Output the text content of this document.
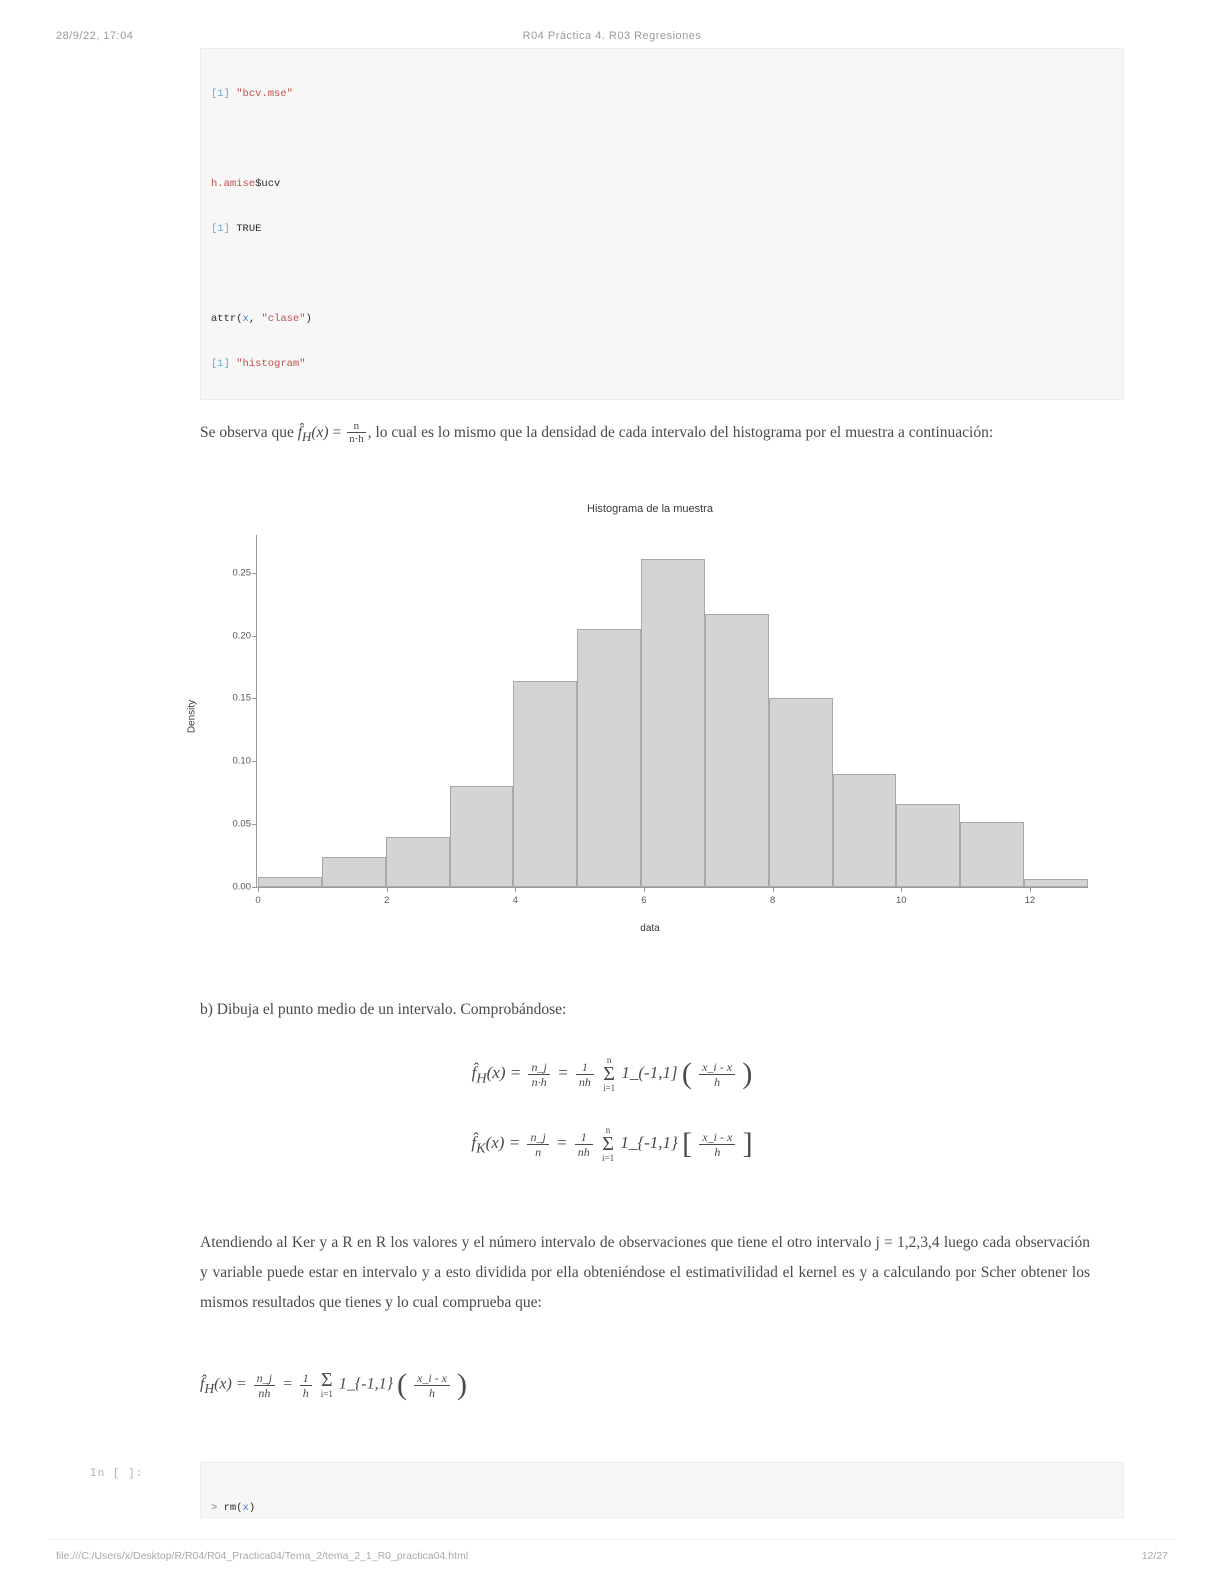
28/9/22, 17:04	R04 Práctica 4. R03 Regresiones

[1] "bcv.mse"

h.amise$ucv

[1] TRUE

attr(x, "clase")

[1] "histogram"

Se observa que $f̂_H(x) = \frac{n}{n\cdot h}$ , lo cual es lo mismo que la densidad de cada intervalo del histograma por el muestra a continuación:
Histograma de la muestra
0.00
0.05
0.10
0.15
0.20
0.25
0	2	4	6	8	10	12
data
Density
b) Dibuja el punto medio de un intervalo. Comprobándose:
$f̂_H(x) = \frac{n\_j}{n\cdot h} = \frac{1}{nh}$
	n
Σ
i=1
1_(-1,1] ( $\frac{x\_i - x}{h}$ )
$f̂_K(x) = \frac{n\_j}{n} = \frac{1}{nh}$
	n
Σ
i=1
1_{-1,1} [ $\frac{x\_i - x}{h}$ ]
Atendiendo al Ker y a R en R los valores y el número intervalo de observaciones que tiene el otro intervalo j = 1,2,3,4 luego cada observación y variable puede estar en intervalo y a esto dividida por ella obteniéndose el estimativilidad el kernel es y a calculando por Scher obtener los mismos resultados que tienes y lo cual comprueba que:
$f̂_H(x) = \frac{n\_j}{nh} = \frac{1}{h}$
Σ
i=1
1_{-1,1} ( $\frac{x\_i - x}{h}$ )
In [ ]:

> rm(x)

file:///C:/Users/x/Desktop/R/R04/R04_Practica04/Tema_2/tema_2_1_R0_practica04.html	12/27
